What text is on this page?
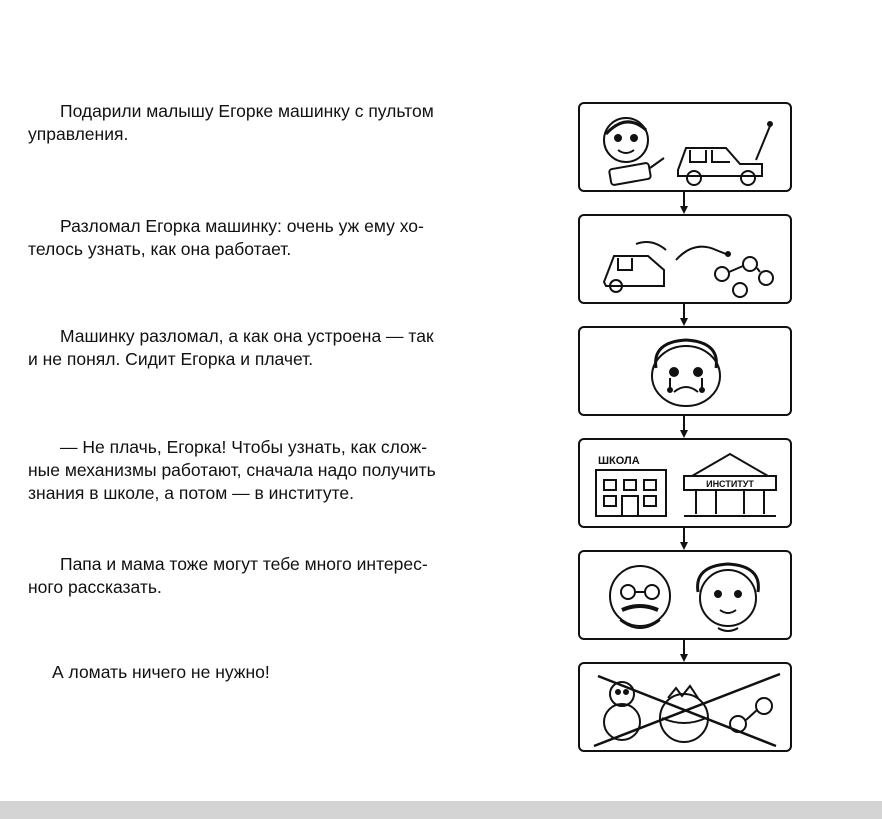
Подарили малышу Егорке машинку с пультом
управления.

Разломал Егорка машинку: очень уж ему хо-
телось узнать, как она работает.

Машинку разломал, а как она устроена — так
и не понял. Сидит Егорка и плачет.

— Не плачь, Егорка! Чтобы узнать, как слож-
ные механизмы работают, сначала надо получить
знания в школе, а потом — в институте.

Папа и мама тоже могут тебе много интерес-
ного рассказать.

А ломать ничего не нужно!

ШКОЛА
ИНСТИТУТ
